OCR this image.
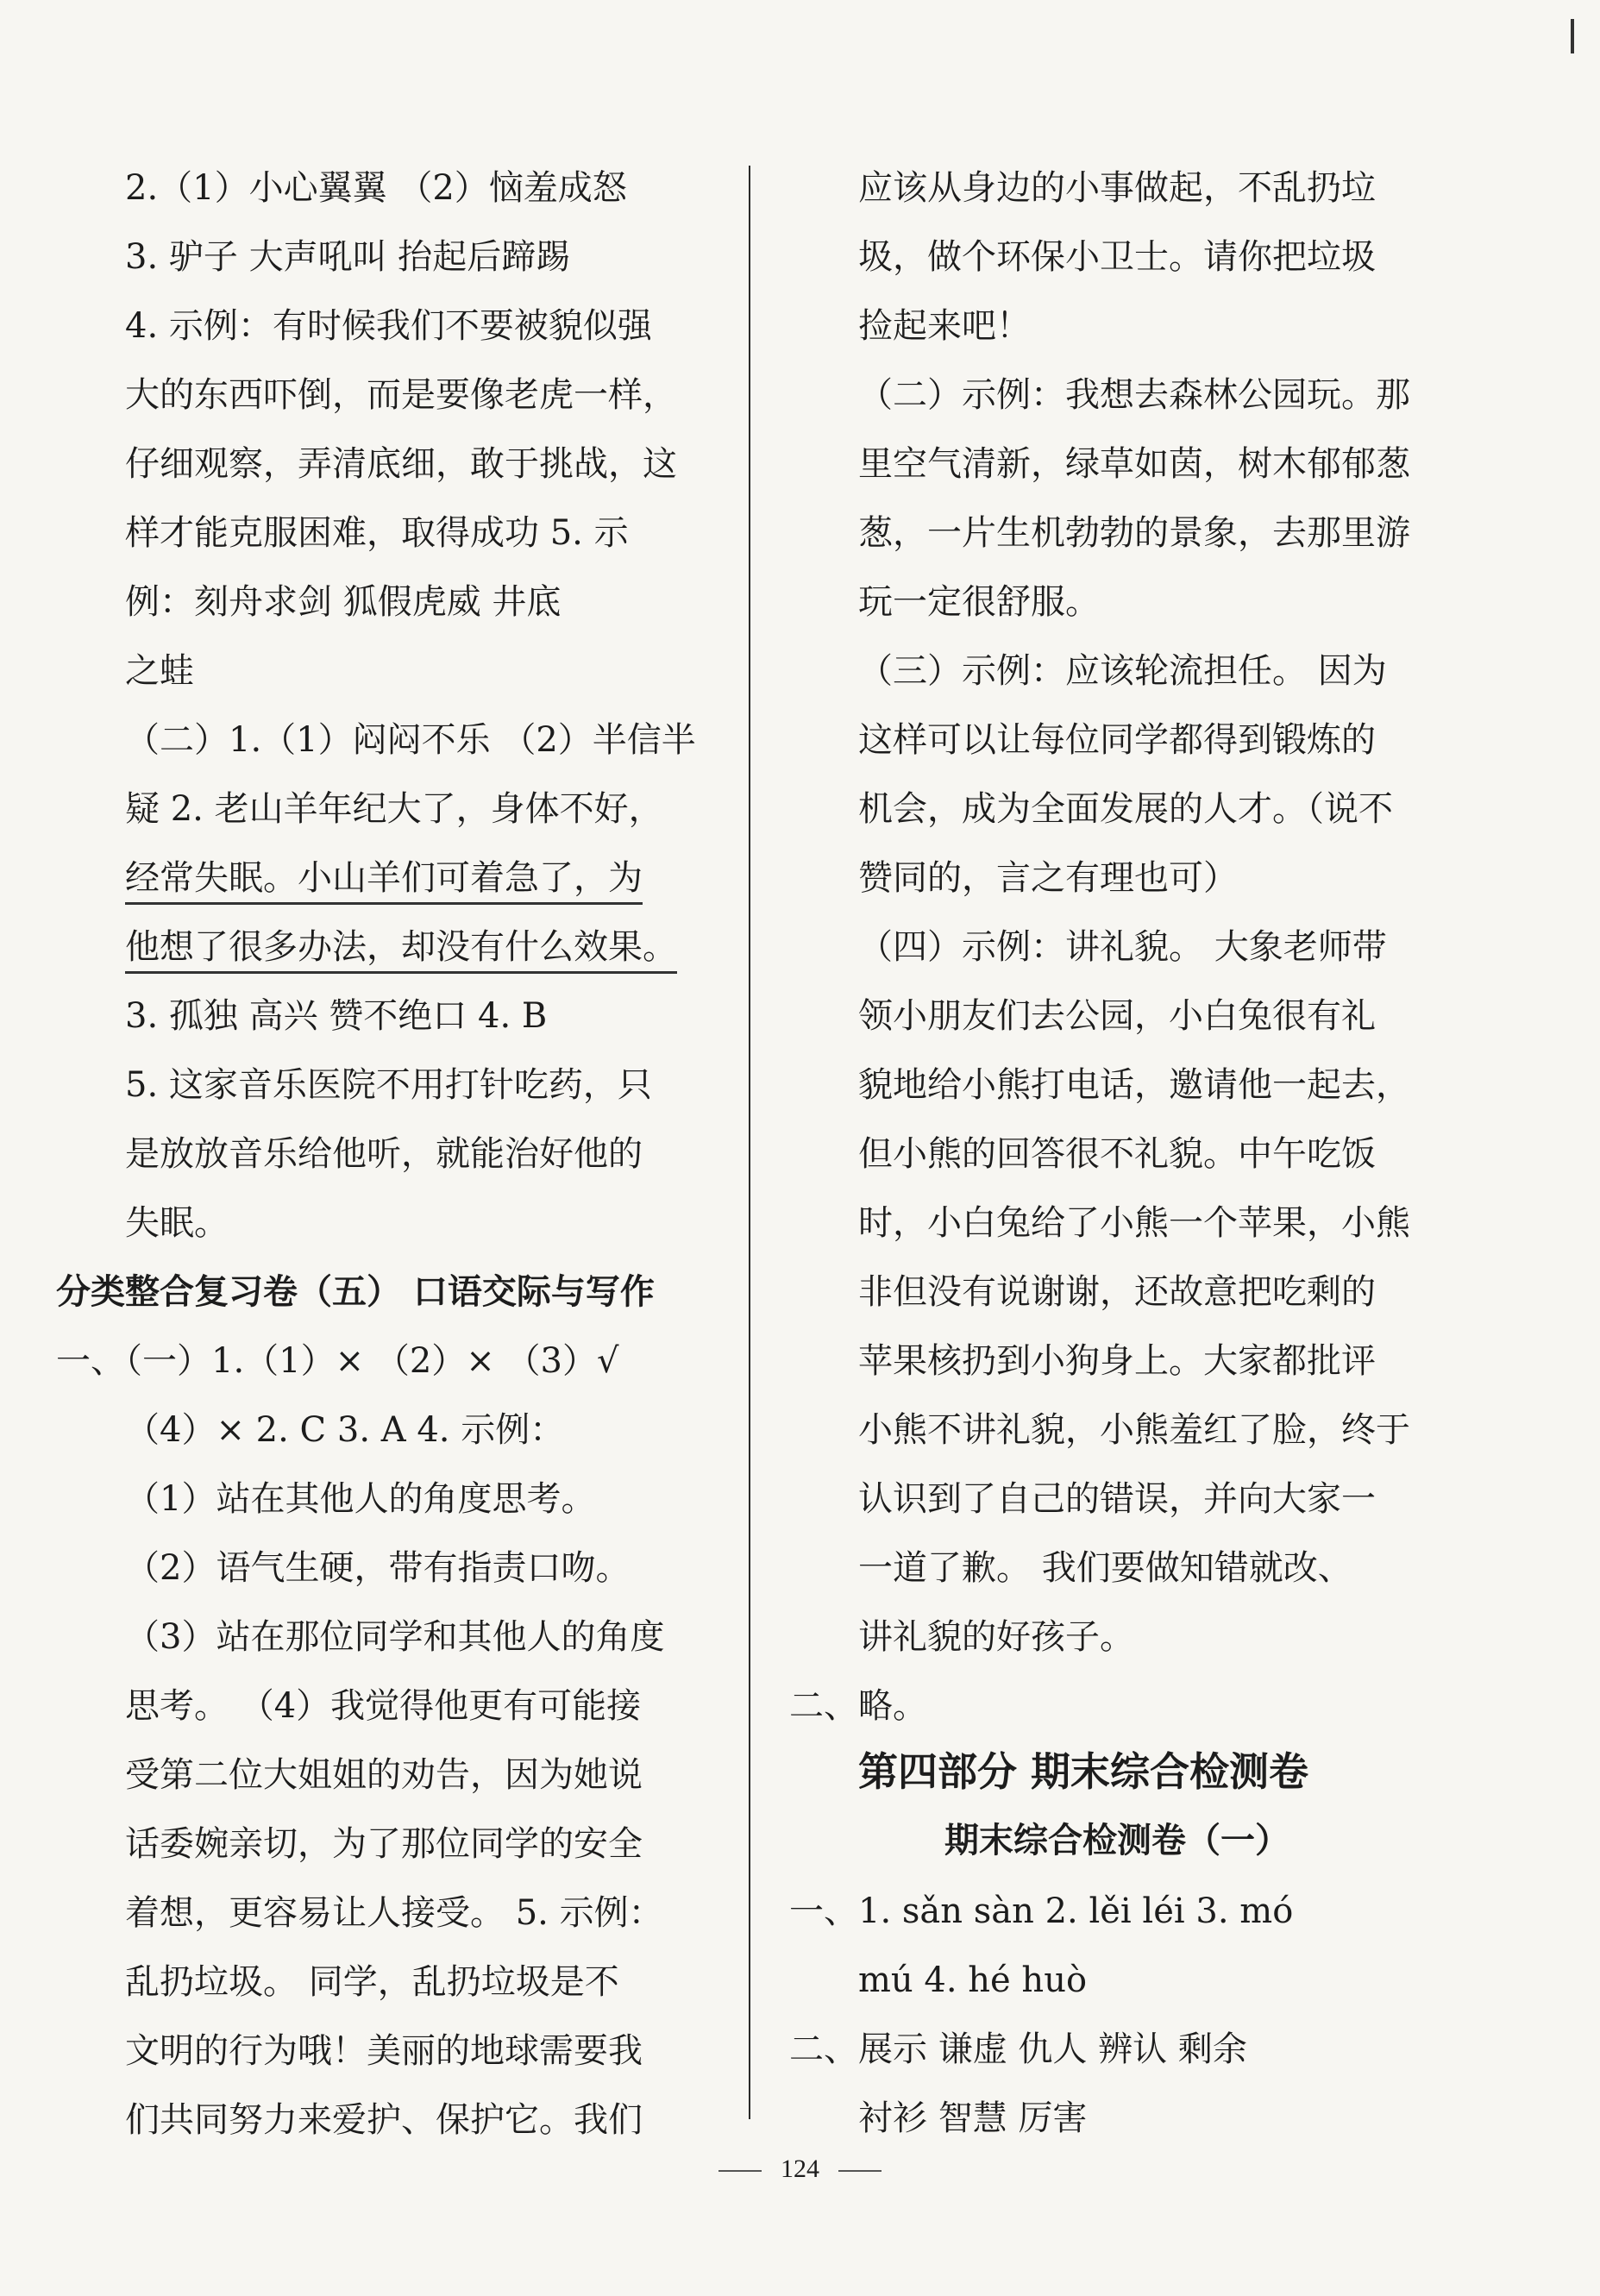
2.（1）小心翼翼 （2）恼羞成怒
3. 驴子 大声吼叫 抬起后蹄踢
4. 示例：有时候我们不要被貌似强
大的东西吓倒，而是要像老虎一样，
仔细观察，弄清底细，敢于挑战，这
样才能克服困难，取得成功 5. 示
例：刻舟求剑 狐假虎威 井底
之蛙
（二）1.（1）闷闷不乐 （2）半信半
疑 2. 老山羊年纪大了，身体不好，
经常失眠。小山羊们可着急了，为
他想了很多办法，却没有什么效果。
3. 孤独 高兴 赞不绝口 4. B
5. 这家音乐医院不用打针吃药，只
是放放音乐给他听，就能治好他的
失眠。
分类整合复习卷（五） 口语交际与写作
一、（一）1.（1）× （2）× （3）√
（4）× 2. C 3. A 4. 示例：
（1）站在其他人的角度思考。
（2）语气生硬，带有指责口吻。
（3）站在那位同学和其他人的角度
思考。 （4）我觉得他更有可能接
受第二位大姐姐的劝告，因为她说
话委婉亲切，为了那位同学的安全
着想，更容易让人接受。 5. 示例：
乱扔垃圾。 同学，乱扔垃圾是不
文明的行为哦！美丽的地球需要我
们共同努力来爱护、保护它。我们
应该从身边的小事做起，不乱扔垃
圾，做个环保小卫士。请你把垃圾
捡起来吧！
（二）示例：我想去森林公园玩。那
里空气清新，绿草如茵，树木郁郁葱
葱，一片生机勃勃的景象，去那里游
玩一定很舒服。
（三）示例：应该轮流担任。 因为
这样可以让每位同学都得到锻炼的
机会，成为全面发展的人才。（说不
赞同的，言之有理也可）
（四）示例：讲礼貌。 大象老师带
领小朋友们去公园，小白兔很有礼
貌地给小熊打电话，邀请他一起去，
但小熊的回答很不礼貌。中午吃饭
时，小白兔给了小熊一个苹果，小熊
非但没有说谢谢，还故意把吃剩的
苹果核扔到小狗身上。大家都批评
小熊不讲礼貌，小熊羞红了脸，终于
认识到了自己的错误，并向大家一
一道了歉。 我们要做知错就改、
讲礼貌的好孩子。
二、略。
第四部分 期末综合检测卷
期末综合检测卷（一）
一、1. sǎn sàn 2. lěi léi 3. mó
mú 4. hé huò
二、展示 谦虚 仇人 辨认 剩余
衬衫 智慧 厉害
124
